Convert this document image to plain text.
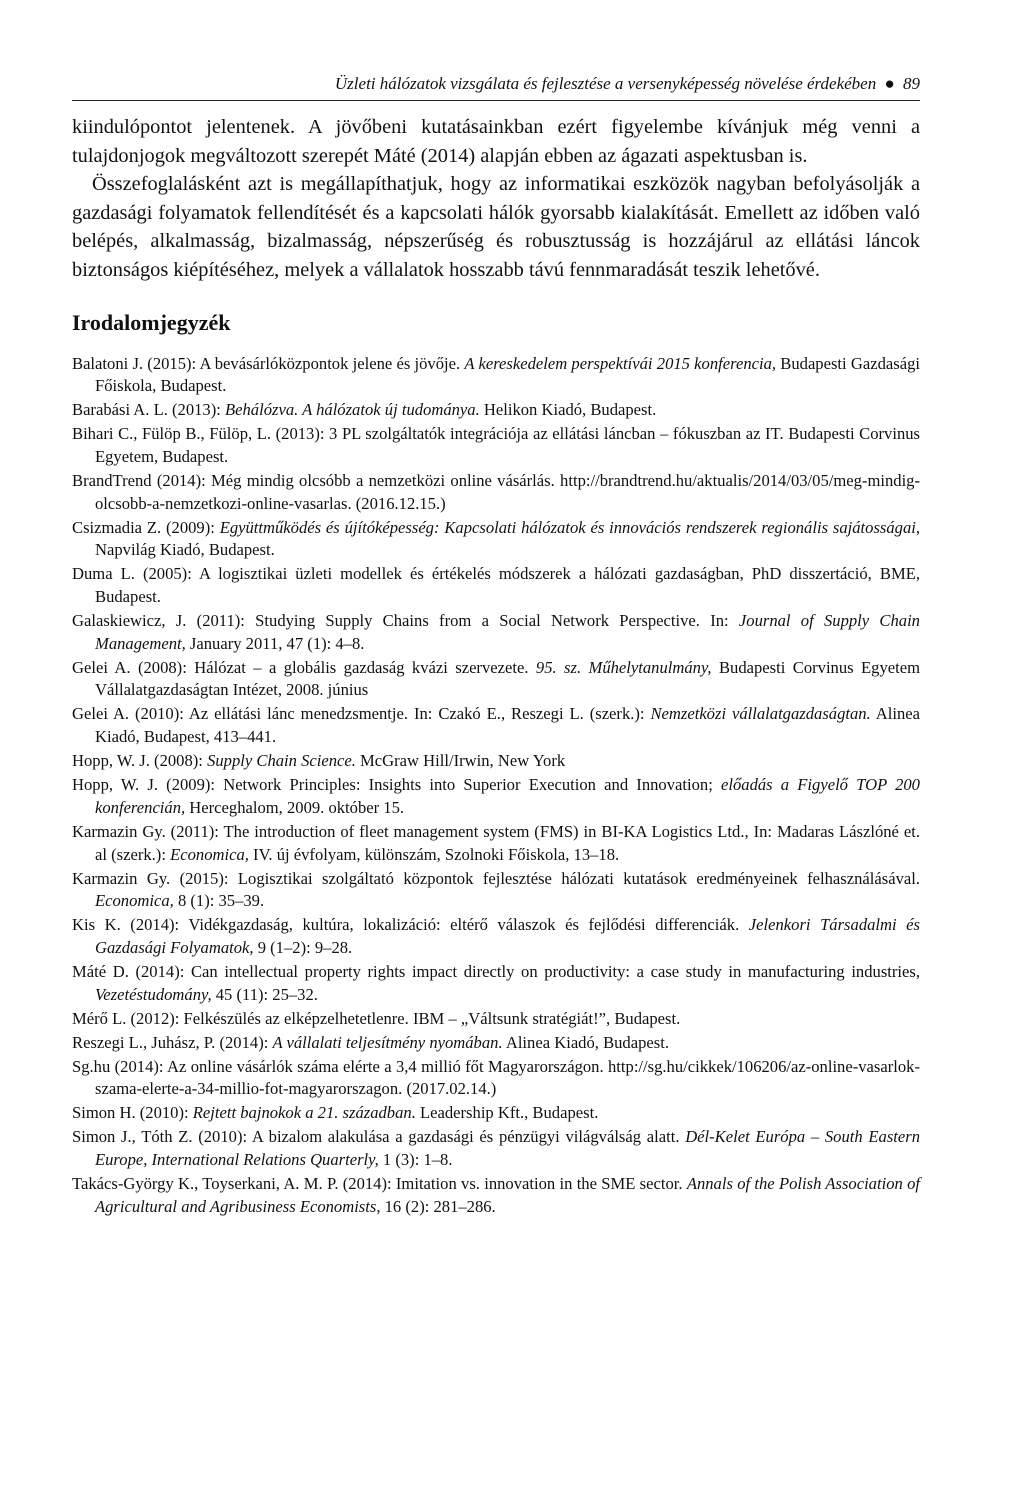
Üzleti hálózatok vizsgálata és fejlesztése a versenyképesség növelése érdekében ● 89

kiindulópontot jelentenek. A jövőbeni kutatásainkban ezért figyelembe kívánjuk még venni a tulajdonjogok megváltozott szerepét Máté (2014) alapján ebben az ágazati aspektusban is.

Összefoglalásként azt is megállapíthatjuk, hogy az informatikai eszközök nagyban befolyásolják a gazdasági folyamatok fellendítését és a kapcsolati hálók gyorsabb kialakítását. Emellett az időben való belépés, alkalmasság, bizalmasság, népszerűség és robusztusság is hozzájárul az ellátási láncok biztonságos kiépítéséhez, melyek a vállalatok hosszabb távú fennmaradását teszik lehetővé.

Irodalomjegyzék
Balatoni J. (2015): A bevásárlóközpontok jelene és jövője. A kereskedelem perspektívái 2015 konferencia, Budapesti Gazdasági Főiskola, Budapest.
Barabási A. L. (2013): Behálózva. A hálózatok új tudománya. Helikon Kiadó, Budapest.
Bihari C., Fülöp B., Fülöp, L. (2013): 3 PL szolgáltatók integrációja az ellátási láncban – fókuszban az IT. Budapesti Corvinus Egyetem, Budapest.
BrandTrend (2014): Még mindig olcsóbb a nemzetközi online vásárlás. http://brandtrend.hu/aktualis/2014/03/05/meg-mindig-olcsobb-a-nemzetkozi-online-vasarlas. (2016.12.15.)
Csizmadia Z. (2009): Együttműködés és újítóképesség: Kapcsolati hálózatok és innovációs rendszerek regionális sajátosságai, Napvilág Kiadó, Budapest.
Duma L. (2005): A logisztikai üzleti modellek és értékelés módszerek a hálózati gazdaságban, PhD disszertáció, BME, Budapest.
Galaskiewicz, J. (2011): Studying Supply Chains from a Social Network Perspective. In: Journal of Supply Chain Management, January 2011, 47 (1): 4–8.
Gelei A. (2008): Hálózat – a globális gazdaság kvázi szervezete. 95. sz. Műhelytanulmány, Budapesti Corvinus Egyetem Vállalatgazdaságtan Intézet, 2008. június
Gelei A. (2010): Az ellátási lánc menedzsmentje. In: Czakó E., Reszegi L. (szerk.): Nemzetközi vállalatgazdaságtan. Alinea Kiadó, Budapest, 413–441.
Hopp, W. J. (2008): Supply Chain Science. McGraw Hill/Irwin, New York
Hopp, W. J. (2009): Network Principles: Insights into Superior Execution and Innovation; előadás a Figyelő TOP 200 konferencián, Herceghalom, 2009. október 15.
Karmazin Gy. (2011): The introduction of fleet management system (FMS) in BI-KA Logistics Ltd., In: Madaras Lászlóné et. al (szerk.): Economica, IV. új évfolyam, különszám, Szolnoki Főiskola, 13–18.
Karmazin Gy. (2015): Logisztikai szolgáltató központok fejlesztése hálózati kutatások eredményeinek felhasználásával. Economica, 8 (1): 35–39.
Kis K. (2014): Vidékgazdaság, kultúra, lokalizáció: eltérő válaszok és fejlődési differenciák. Jelenkori Társadalmi és Gazdasági Folyamatok, 9 (1–2): 9–28.
Máté D. (2014): Can intellectual property rights impact directly on productivity: a case study in manufacturing industries, Vezetéstudomány, 45 (11): 25–32.
Mérő L. (2012): Felkészülés az elképzelhetetlenre. IBM – „Váltsunk stratégiát!”, Budapest.
Reszegi L., Juhász, P. (2014): A vállalati teljesítmény nyomában. Alinea Kiadó, Budapest.
Sg.hu (2014): Az online vásárlók száma elérte a 3,4 millió főt Magyarországon. http://sg.hu/cikkek/106206/az-online-vasarlok-szama-elerte-a-34-millio-fot-magyarorszagon. (2017.02.14.)
Simon H. (2010): Rejtett bajnokok a 21. században. Leadership Kft., Budapest.
Simon J., Tóth Z. (2010): A bizalom alakulása a gazdasági és pénzügyi világválság alatt. Dél-Kelet Európa – South Eastern Europe, International Relations Quarterly, 1 (3): 1–8.
Takács-György K., Toyserkani, A. M. P. (2014): Imitation vs. innovation in the SME sector. Annals of the Polish Association of Agricultural and Agribusiness Economists, 16 (2): 281–286.
